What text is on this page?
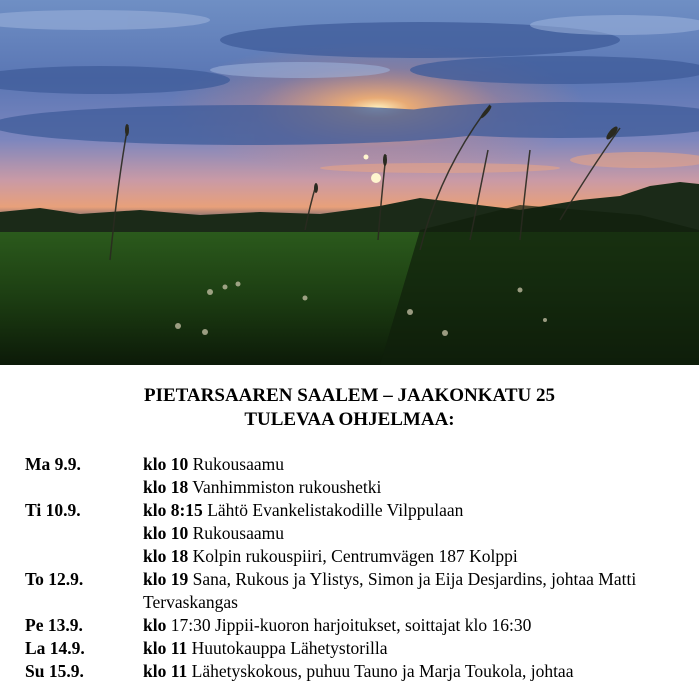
PIETARSAAREN SAALEM – JAAKONKATU 25
TULEVAA OHJELMAA:
Ma 9.9.	klo 10 Rukousaamu
klo 18 Vanhimmiston rukoushetki
Ti 10.9.	klo 8:15 Lähtö Evankelistakodille Vilppulaan
klo 10 Rukousaamu
klo 18 Kolpin rukouspiiri, Centrumvägen 187 Kolppi
To 12.9.	klo 19 Sana, Rukous ja Ylistys, Simon ja Eija Desjardins, johtaa Matti Tervaskangas
Pe 13.9.	klo 17:30 Jippii-kuoron harjoitukset, soittajat klo 16:30
La 14.9.	klo 11 Huutokauppa Lähetystorilla
Su 15.9.	klo 11 Lähetyskokous, puhuu Tauno ja Marja Toukola, johtaa
